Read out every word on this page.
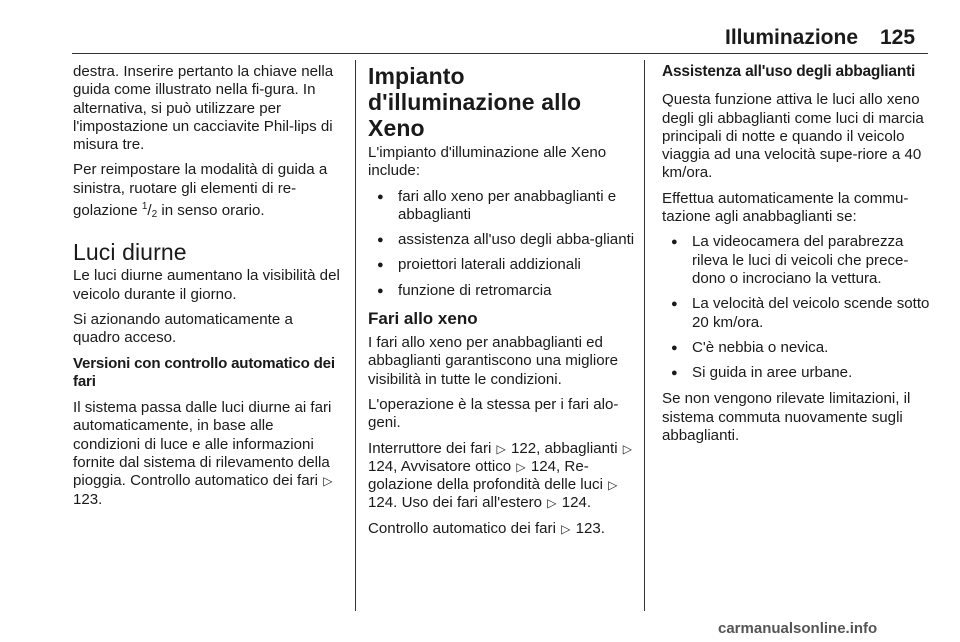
Illuminazione 125

destra. Inserire pertanto la chiave nella guida come illustrato nella fi-gura. In alternativa, si può utilizzare per l'impostazione un cacciavite Phil-lips di misura tre.

Per reimpostare la modalità di guida a sinistra, ruotare gli elementi di re-golazione $^1/_2$ in senso orario.

Luci diurne

Le luci diurne aumentano la visibilità del veicolo durante il giorno.

Si azionando automaticamente a quadro acceso.

Versioni con controllo automatico dei fari

Il sistema passa dalle luci diurne ai fari automaticamente, in base alle condizioni di luce e alle informazioni fornite dal sistema di rilevamento della pioggia. Controllo automatico dei fari ▷ 123.

Impianto d'illuminazione allo Xeno

L'impianto d'illuminazione alle Xeno include:

● fari allo xeno per anabbaglianti e abbaglianti
● assistenza all'uso degli abba-glianti
● proiettori laterali addizionali
● funzione di retromarcia
Fari allo xeno

I fari allo xeno per anabbaglianti ed abbaglianti garantiscono una migliore visibilità in tutte le condizioni.

L'operazione è la stessa per i fari alo-geni.

Interruttore dei fari ▷ 122, abbaglianti ▷ 124, Avvisatore ottico ▷ 124, Re-golazione della profondità delle luci ▷ 124. Uso dei fari all'estero ▷ 124.

Controllo automatico dei fari ▷ 123.

Assistenza all'uso degli abbaglianti

Questa funzione attiva le luci allo xeno degli gli abbaglianti come luci di marcia principali di notte e quando il veicolo viaggia ad una velocità supe-riore a 40 km/ora.

Effettua automaticamente la commu-tazione agli anabbaglianti se:

● La videocamera del parabrezza rileva le luci di veicoli che prece-dono o incrociano la vettura.
● La velocità del veicolo scende sotto 20 km/ora.
● C'è nebbia o nevica.
● Si guida in aree urbane.

Se non vengono rilevate limitazioni, il sistema commuta nuovamente sugli abbaglianti.

carmanualsonline.info
